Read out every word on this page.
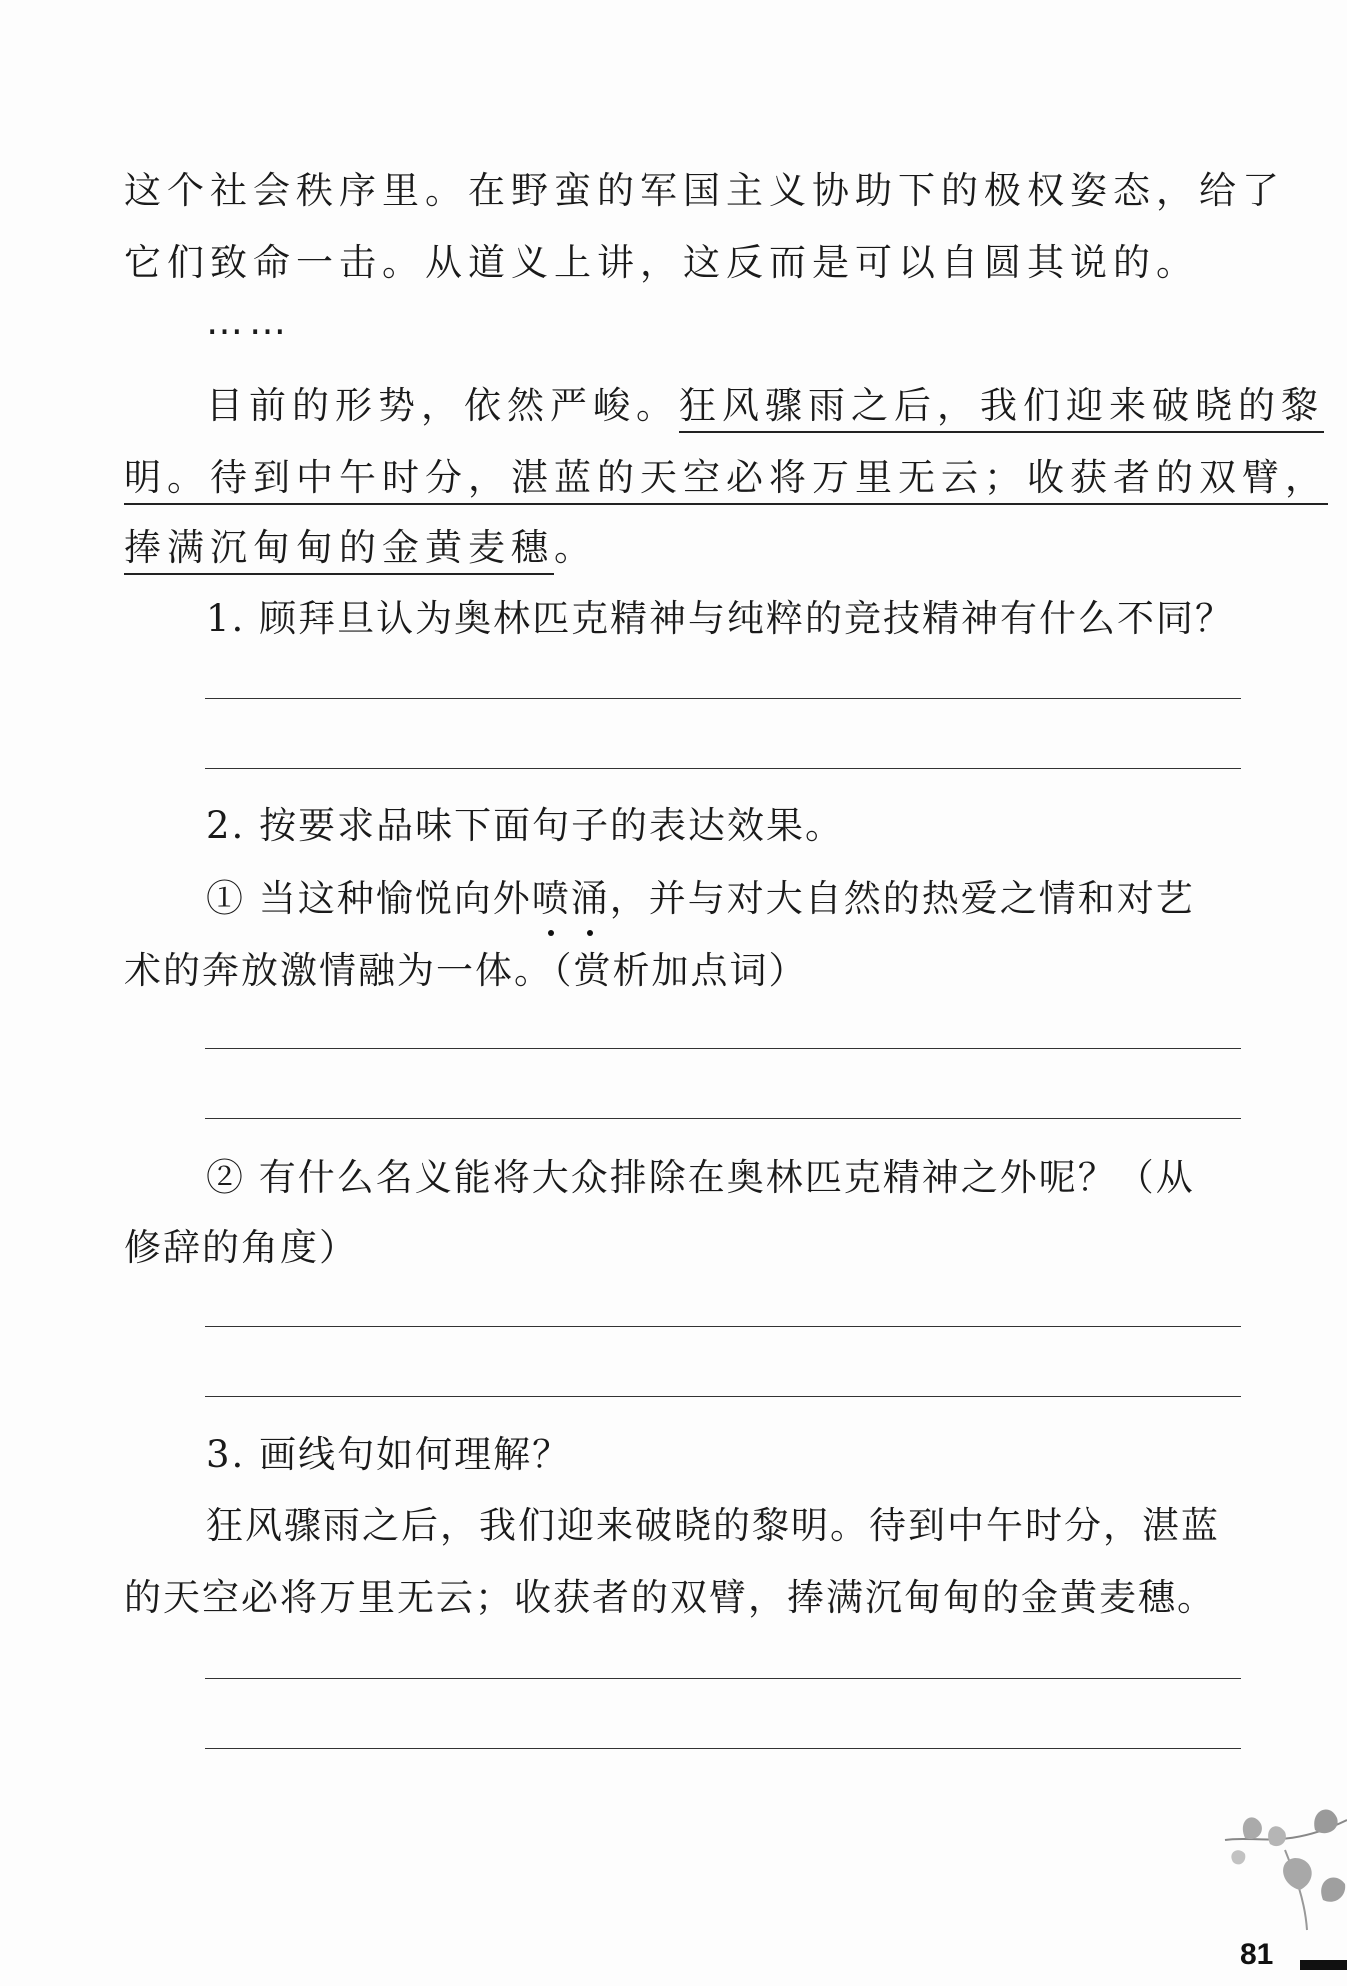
这个社会秩序里。在野蛮的军国主义协助下的极权姿态，给了
它们致命一击。从道义上讲，这反而是可以自圆其说的。
……
目前的形势，依然严峻。狂风骤雨之后，我们迎来破晓的黎
明。待到中午时分，湛蓝的天空必将万里无云；收获者的双臂，
捧满沉甸甸的金黄麦穗。
1. 顾拜旦认为奥林匹克精神与纯粹的竞技精神有什么不同？
2. 按要求品味下面句子的表达效果。
① 当这种愉悦向外喷涌，并与对大自然的热爱之情和对艺
术的奔放激情融为一体。（赏析加点词）
② 有什么名义能将大众排除在奥林匹克精神之外呢？（从
修辞的角度）
3. 画线句如何理解？
狂风骤雨之后，我们迎来破晓的黎明。待到中午时分，湛蓝
的天空必将万里无云；收获者的双臂，捧满沉甸甸的金黄麦穗。
81
